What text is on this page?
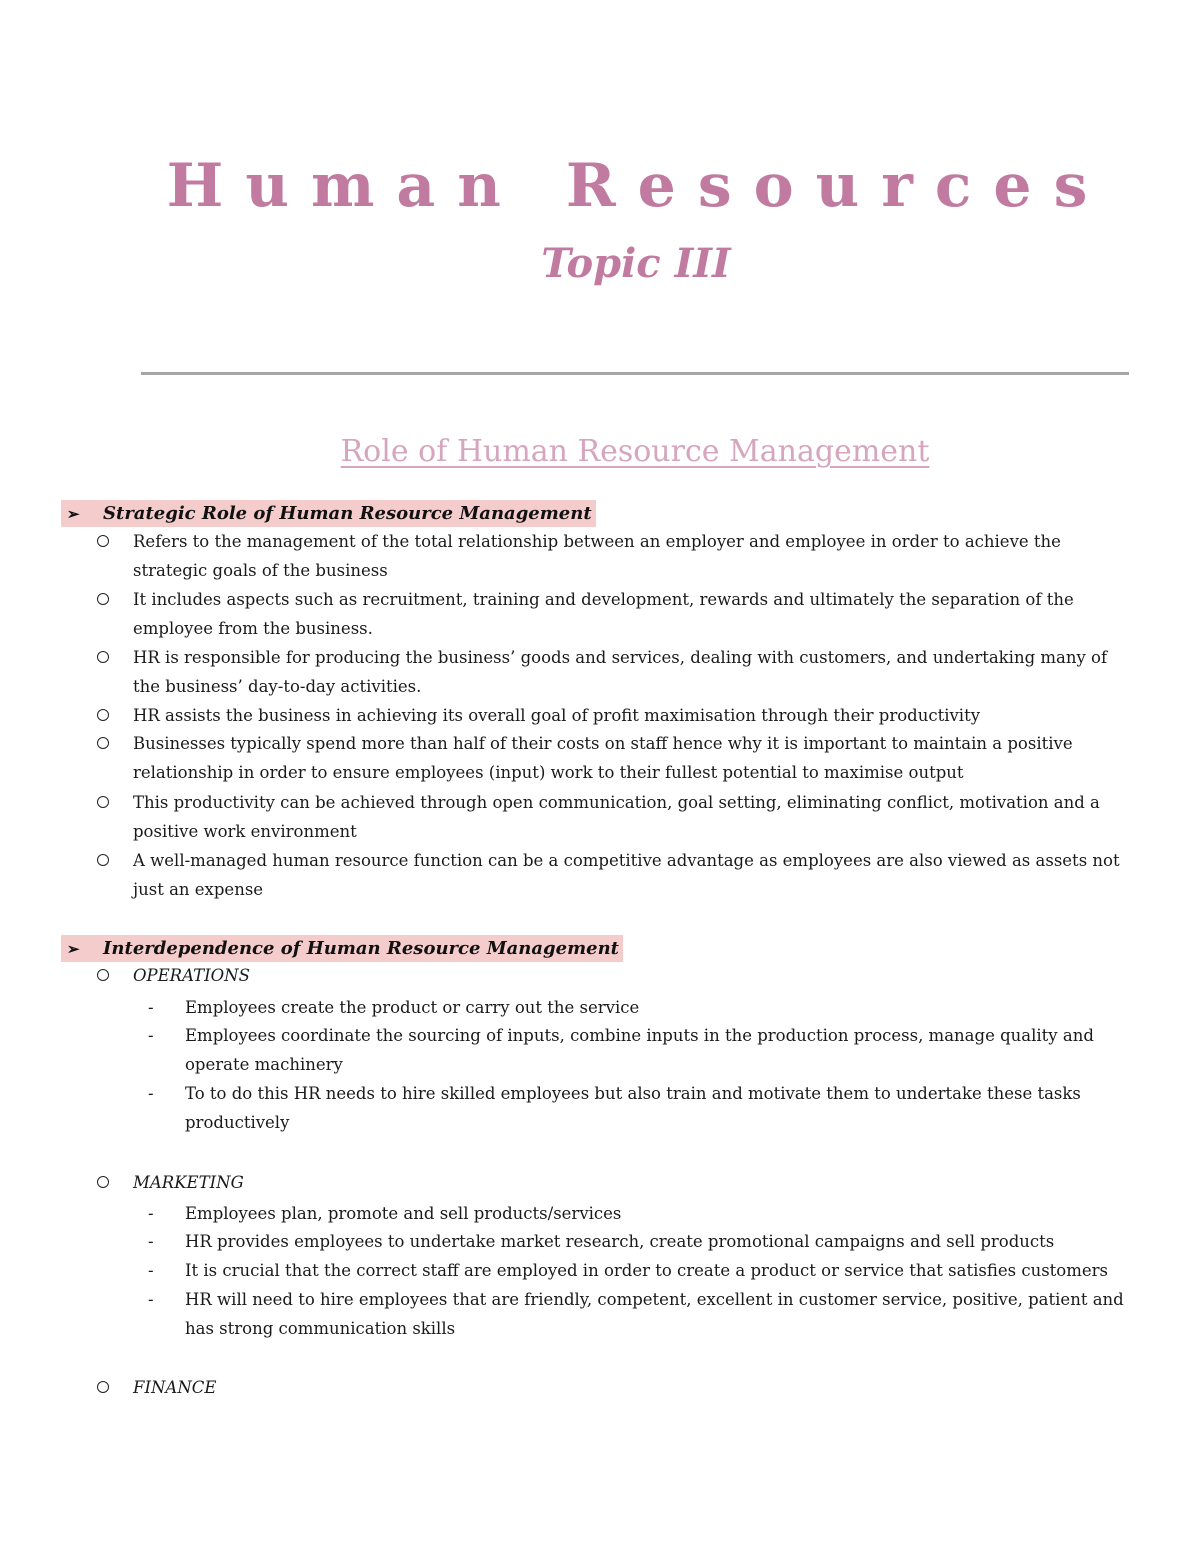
Human Resources
Topic III
Role of Human Resource Management
➢	Strategic Role of Human Resource Management
Refers to the management of the total relationship between an employer and employee in order to achieve the strategic goals of the business
It includes aspects such as recruitment, training and development, rewards and ultimately the separation of the employee from the business.
HR is responsible for producing the business’ goods and services, dealing with customers, and undertaking many of the business’ day-to-day activities.
HR assists the business in achieving its overall goal of profit maximisation through their productivity
Businesses typically spend more than half of their costs on staff hence why it is important to maintain a positive relationship in order to ensure employees (input) work to their fullest potential to maximise output
This productivity can be achieved through open communication, goal setting, eliminating conflict, motivation and a positive work environment
A well-managed human resource function can be a competitive advantage as employees are also viewed as assets not just an expense
➢	Interdependence of Human Resource Management
OPERATIONS
- Employees create the product or carry out the service
- Employees coordinate the sourcing of inputs, combine inputs in the production process, manage quality and operate machinery
- To to do this HR needs to hire skilled employees but also train and motivate them to undertake these tasks productively
MARKETING
- Employees plan, promote and sell products/services
- HR provides employees to undertake market research, create promotional campaigns and sell products
- It is crucial that the correct staff are employed in order to create a product or service that satisfies customers
- HR will need to hire employees that are friendly, competent, excellent in customer service, positive, patient and has strong communication skills
FINANCE
